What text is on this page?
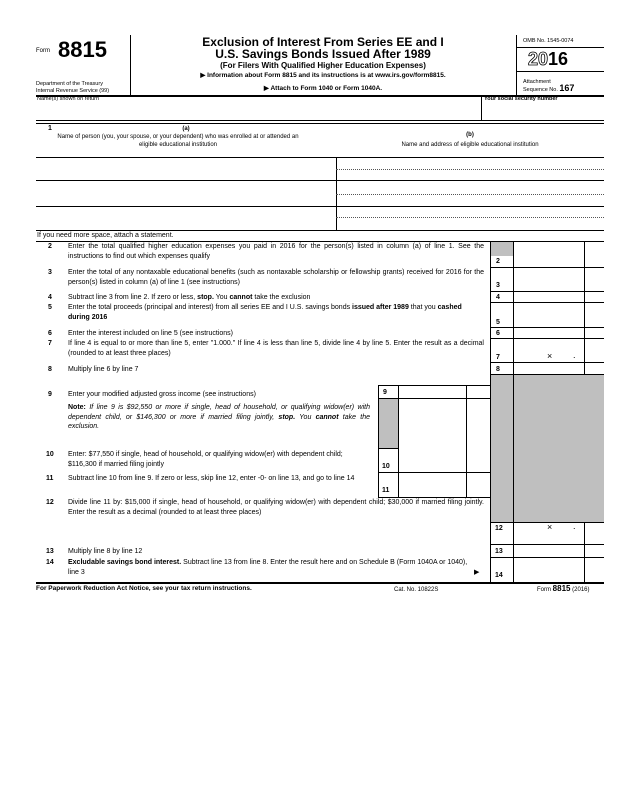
Form 8815
Department of the Treasury
Internal Revenue Service (99)
Exclusion of Interest From Series EE and I
U.S. Savings Bonds Issued After 1989
(For Filers With Qualified Higher Education Expenses)
▶ Information about Form 8815 and its instructions is at www.irs.gov/form8815.
▶ Attach to Form 1040 or Form 1040A.
OMB No. 1545-0074
2016
Attachment
Sequence No. 167
Name(s) shown on return	Your social security number
1	(a)
Name of person (you, your spouse, or your dependent) who was enrolled at or attended an eligible educational institution
(b)
Name and address of eligible educational institution
If you need more space, attach a statement.
2 Enter the total qualified higher education expenses you paid in 2016 for the person(s) listed in column (a) of line 1. See the instructions to find out which expenses qualify
2
3 Enter the total of any nontaxable educational benefits (such as nontaxable scholarship or fellowship grants) received for 2016 for the person(s) listed in column (a) of line 1 (see instructions)	3
4 Subtract line 3 from line 2. If zero or less, stop. You cannot take the exclusion	4
5 Enter the total proceeds (principal and interest) from all series EE and I U.S. savings bonds issued after 1989 that you cashed during 2016
5
6 Enter the interest included on line 5 (see instructions)	6
7 If line 4 is equal to or more than line 5, enter "1.000." If line 4 is less than line 5, divide line 4 by line 5. Enter the result as a decimal (rounded to at least three places)
7	× .
8 Multiply line 6 by line 7	8
9 Enter your modified adjusted gross income (see instructions)	9
Note: If line 9 is $92,550 or more if single, head of household, or qualifying widow(er) with dependent child, or $146,300 or more if married filing jointly, stop. You cannot take the exclusion.
10 Enter: $77,550 if single, head of household, or qualifying widow(er) with dependent child; $116,300 if married filing jointly	10
11 Subtract line 10 from line 9. If zero or less, skip line 12, enter -0- on line 13, and go to line 14
11
12 Divide line 11 by: $15,000 if single, head of household, or qualifying widow(er) with dependent child; $30,000 if married filing jointly. Enter the result as a decimal (rounded to at least three places)
12	× .
13 Multiply line 8 by line 12	13
14 Excludable savings bond interest. Subtract line 13 from line 8. Enter the result here and on Schedule B (Form 1040A or 1040), line 3	▶ 14
For Paperwork Reduction Act Notice, see your tax return instructions.	Cat. No. 10822S	Form 8815 (2016)
